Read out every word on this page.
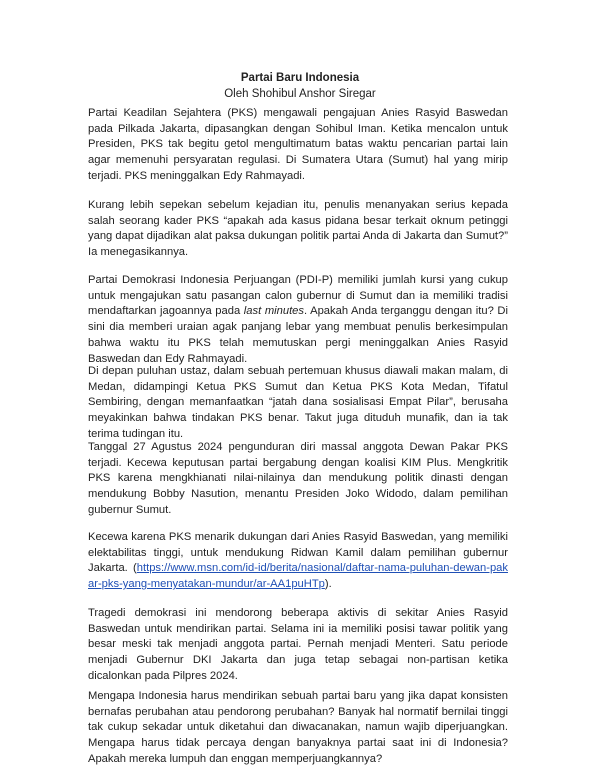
Partai Baru Indonesia
Oleh Shohibul Anshor Siregar

Partai Keadilan Sejahtera (PKS) mengawali pengajuan Anies Rasyid Baswedan pada Pilkada Jakarta, dipasangkan dengan Sohibul Iman. Ketika mencalon untuk Presiden, PKS tak begitu getol mengultimatum batas waktu pencarian partai lain agar memenuhi persyaratan regulasi. Di Sumatera Utara (Sumut) hal yang mirip terjadi. PKS meninggalkan Edy Rahmayadi.

Kurang lebih sepekan sebelum kejadian itu, penulis menanyakan serius kepada salah seorang kader PKS “apakah ada kasus pidana besar terkait oknum petinggi yang dapat dijadikan alat paksa dukungan politik partai Anda di Jakarta dan Sumut?” Ia menegasikannya.

Partai Demokrasi Indonesia Perjuangan (PDI-P) memiliki jumlah kursi yang cukup untuk mengajukan satu pasangan calon gubernur di Sumut dan ia memiliki tradisi mendaftarkan jagoannya pada last minutes. Apakah Anda terganggu dengan itu? Di sini dia memberi uraian agak panjang lebar yang membuat penulis berkesimpulan bahwa waktu itu PKS telah memutuskan pergi meninggalkan Anies Rasyid Baswedan dan Edy Rahmayadi.

Di depan puluhan ustaz, dalam sebuah pertemuan khusus diawali makan malam, di Medan, didampingi Ketua PKS Sumut dan Ketua PKS Kota Medan, Tifatul Sembiring, dengan memanfaatkan “jatah dana sosialisasi Empat Pilar”, berusaha meyakinkan bahwa tindakan PKS benar. Takut juga dituduh munafik, dan ia tak terima tudingan itu.

Tanggal 27 Agustus 2024 pengunduran diri massal anggota Dewan Pakar PKS terjadi. Kecewa keputusan partai bergabung dengan koalisi KIM Plus. Mengkritik PKS karena mengkhianati nilai-nilainya dan mendukung politik dinasti dengan mendukung Bobby Nasution, menantu Presiden Joko Widodo, dalam pemilihan gubernur Sumut.

Kecewa karena PKS menarik dukungan dari Anies Rasyid Baswedan, yang memiliki elektabilitas tinggi, untuk mendukung Ridwan Kamil dalam pemilihan gubernur Jakarta. (https://www.msn.com/id-id/berita/nasional/daftar-nama-puluhan-dewan-pakar-pks-yang-menyatakan-mundur/ar-AA1puHTp).

Tragedi demokrasi ini mendorong beberapa aktivis di sekitar Anies Rasyid Baswedan untuk mendirikan partai. Selama ini ia memiliki posisi tawar politik yang besar meski tak menjadi anggota partai. Pernah menjadi Menteri. Satu periode menjadi Gubernur DKI Jakarta dan juga tetap sebagai non-partisan ketika dicalonkan pada Pilpres 2024.

Mengapa Indonesia harus mendirikan sebuah partai baru yang jika dapat konsisten bernafas perubahan atau pendorong perubahan? Banyak hal normatif bernilai tinggi tak cukup sekadar untuk diketahui dan diwacanakan, namun wajib diperjuangkan. Mengapa harus tidak percaya dengan banyaknya partai saat ini di Indonesia? Apakah mereka lumpuh dan enggan memperjuangkannya?
